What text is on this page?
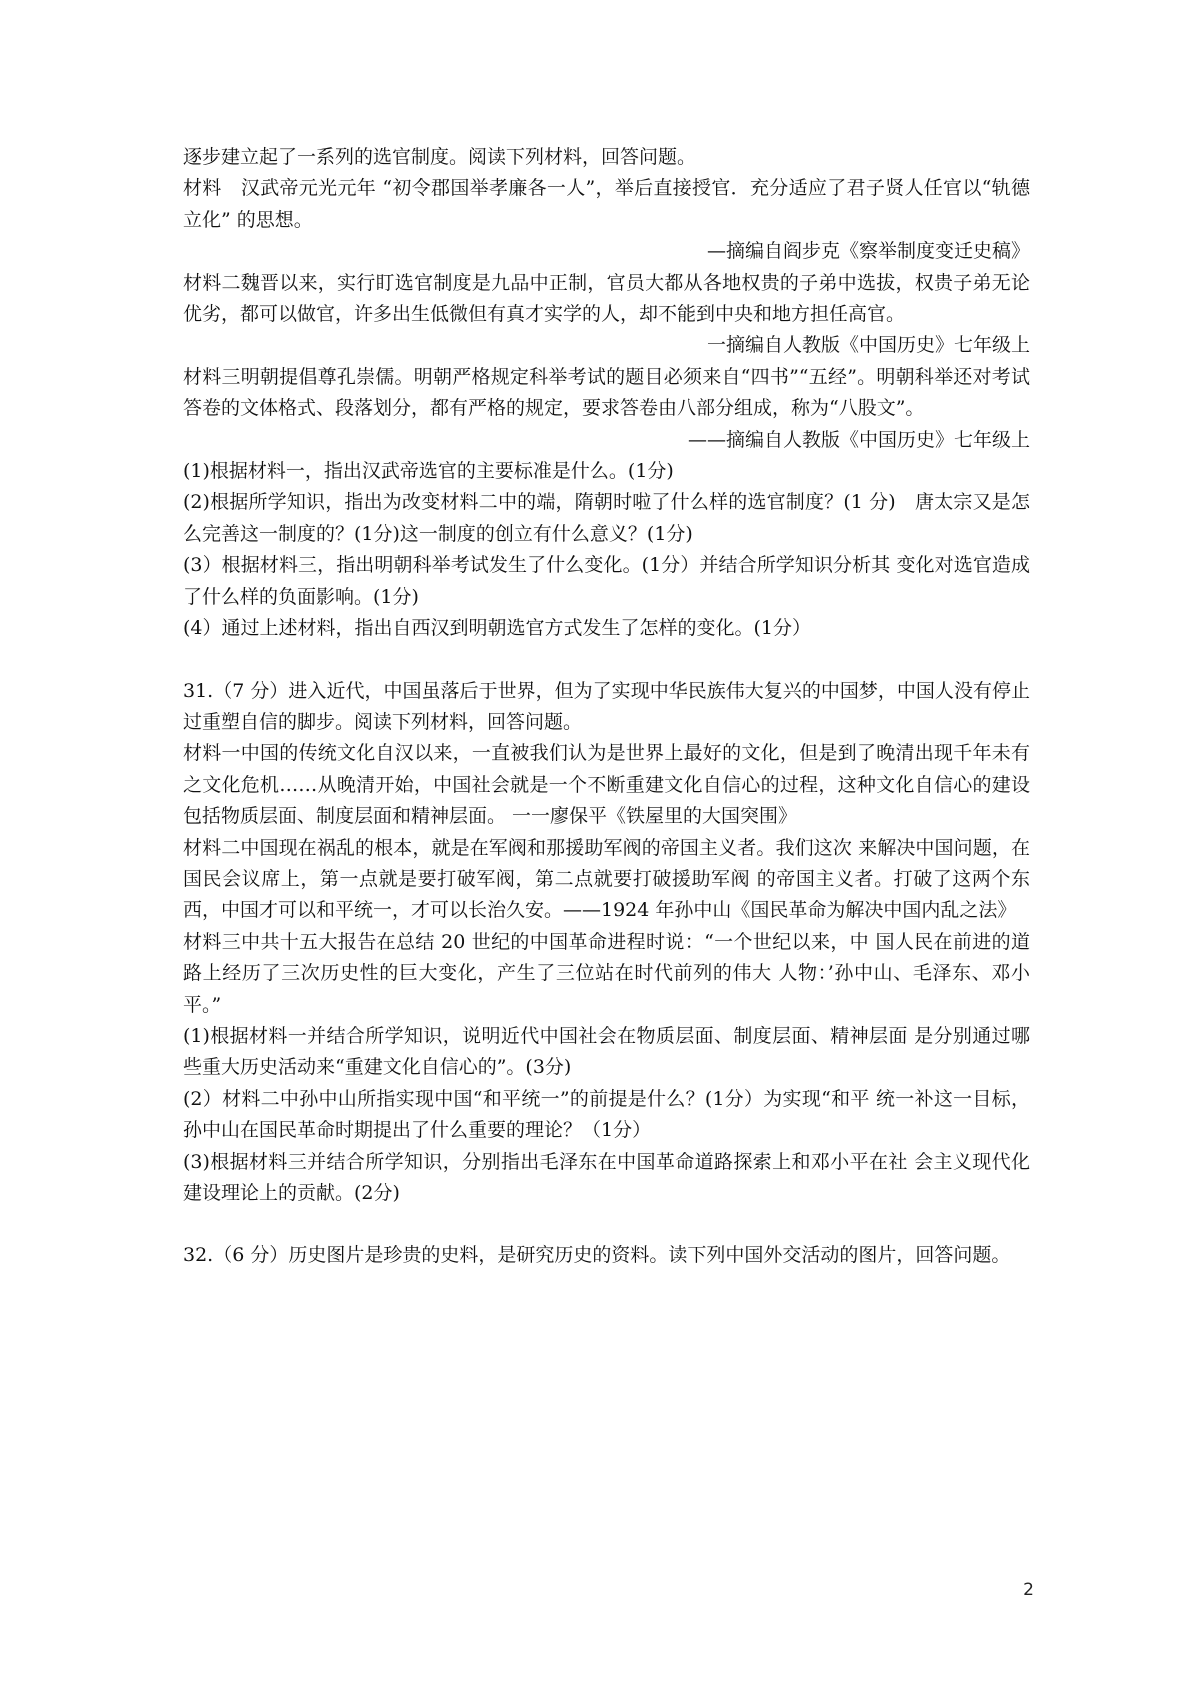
逐步建立起了一系列的选官制度。阅读下列材料，回答问题。

材料　汉武帝元光元年 “初令郡国举孝廉各一人”，举后直接授官．充分适应了君子贤人任官以“轨德立化” 的思想。

—摘编自阎步克《察举制度变迁史稿》

材料二魏晋以来，实行盯选官制度是九品中正制，官员大都从各地权贵的子弟中选拔，权贵子弟无论优劣，都可以做官，许多出生低微但有真才实学的人，却不能到中央和地方担任高官。

一摘编自人教版《中国历史》七年级上

材料三明朝提倡尊孔崇儒。明朝严格规定科举考试的题目必须来自“四书”“五经”。明朝科举还对考试答卷的文体格式、段落划分，都有严格的规定，要求答卷由八部分组成，称为“八股文”。

——摘编自人教版《中国历史》七年级上

(1)根据材料一，指出汉武帝选官的主要标准是什么。(1分)

(2)根据所学知识，指出为改变材料二中的端，隋朝时啦了什么样的选官制度？(1 分)　唐太宗又是怎么完善这一制度的？(1分)这一制度的创立有什么意义？(1分)

(3）根据材料三，指出明朝科举考试发生了什么变化。(1分）并结合所学知识分析其 变化对选官造成了什么样的负面影响。(1分)

(4）通过上述材料，指出自西汉到明朝选官方式发生了怎样的变化。(1分）

31.（7 分）进入近代，中国虽落后于世界，但为了实现中华民族伟大复兴的中国梦，中国人没有停止过重塑自信的脚步。阅读下列材料，回答问题。

材料一中国的传统文化自汉以来，一直被我们认为是世界上最好的文化，但是到了晚清出现千年未有之文化危机……从晚清开始，中国社会就是一个不断重建文化自信心的过程，这种文化自信心的建设包括物质层面、制度层面和精神层面。 一一廖保平《铁屋里的大国突围》

材料二中国现在祸乱的根本，就是在军阀和那援助军阀的帝国主义者。我们这次 来解决中国问题，在国民会议席上，第一点就是要打破军阀，第二点就要打破援助军阀 的帝国主义者。打破了这两个东西，中国才可以和平统一，才可以长治久安。——1924 年孙中山《国民革命为解决中国内乱之法》

材料三中共十五大报告在总结 20 世纪的中国革命进程时说：“一个世纪以来，中 国人民在前进的道路上经历了三次历史性的巨大变化，产生了三位站在时代前列的伟大 人物：’孙中山、毛泽东、邓小平。”

(1)根据材料一并结合所学知识，说明近代中国社会在物质层面、制度层面、精神层面 是分别通过哪些重大历史活动来“重建文化自信心的”。(3分)

(2）材料二中孙中山所指实现中国“和平统一”的前提是什么？(1分）为实现“和平 统一补这一目标，孙中山在国民革命时期提出了什么重要的理论？（1分）

(3)根据材料三并结合所学知识，分别指出毛泽东在中国革命道路探索上和邓小平在社 会主义现代化建设理论上的贡献。(2分)

32.（6 分）历史图片是珍贵的史料，是研究历史的资料。读下列中国外交活动的图片，回答问题。

2
